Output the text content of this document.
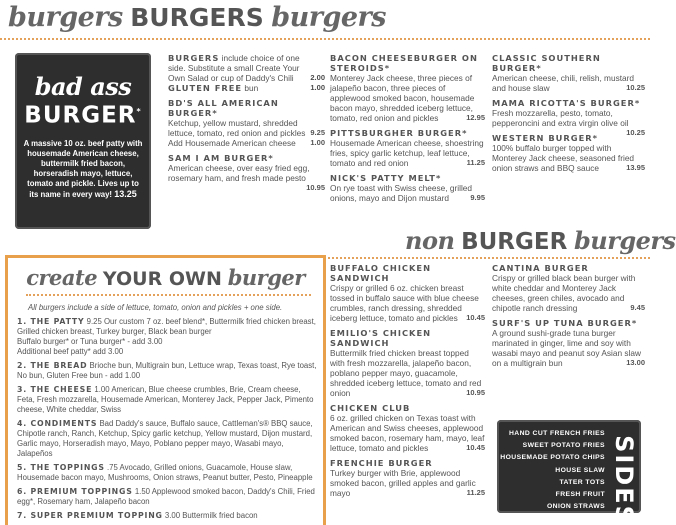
burgers BURGERS burgers
bad ass
BURGER*
A massive 10 oz. beef patty with housemade American cheese, buttermilk fried bacon, horseradish mayo, lettuce, tomato and pickle. Lives up to its name in every way! 13.25
BURGERS
2.00
include choice of one side. Substitute a small Create Your Own Salad or cup of Daddy's Chili

1.00
GLUTEN FREE bun
BD'S ALL AMERICAN BURGER*
Ketchup, yellow mustard, shredded lettuce, tomato, red onion and pickles 9.25
Add Housemade American cheese 1.00
SAM I AM BURGER*
American cheese, over easy fried egg, rosemary ham, and fresh made pesto
10.95
BACON CHEESEBURGER ON STEROIDS*
Monterey Jack cheese, three pieces of jalapeño bacon, three pieces of applewood smoked bacon, housemade bacon mayo, shredded iceberg lettuce, tomato, red onion and pickles	12.95
PITTSBURGHER BURGER*
Housemade American cheese, shoestring fries, spicy garlic ketchup, leaf lettuce, tomato and red onion	11.25
NICK'S PATTY MELT*
On rye toast with Swiss cheese, grilled onions, mayo and Dijon mustard	9.95
CLASSIC SOUTHERN BURGER*
American cheese, chili, relish, mustard and house slaw	10.25
MAMA RICOTTA'S BURGER*
Fresh mozzarella, pesto, tomato, pepperoncini and extra virgin olive oil
10.25
WESTERN BURGER*
100% buffalo burger topped with Monterey Jack cheese, seasoned fried onion straws and BBQ sauce	13.95
non BURGER burgers
create YOUR OWN burger
All burgers include a side of lettuce, tomato, onion and pickles + one side.
1. THE PATTY 9.25 Our custom 7 oz. beef blend*, Buttermilk fried chicken breast, Grilled chicken breast, Turkey burger, Black bean burger
Buffalo burger* or Tuna burger* - add 3.00
Additional beef patty* add 3.00
2. THE BREAD Brioche bun, Multigrain bun, Lettuce wrap, Texas toast, Rye toast, No bun, Gluten Free bun - add 1.00
3. THE CHEESE 1.00 American, Blue cheese crumbles, Brie, Cream cheese, Feta, Fresh mozzarella, Housemade American, Monterey Jack, Pepper Jack, Pimento cheese, White cheddar, Swiss
4. CONDIMENTS Bad Daddy's sauce, Buffalo sauce, Cattleman's® BBQ sauce, Chipotle ranch, Ranch, Ketchup, Spicy garlic ketchup, Yellow mustard, Dijon mustard, Garlic mayo, Horseradish mayo, Mayo, Poblano pepper mayo, Wasabi mayo, Jalapeños
5. THE TOPPINGS .75 Avocado, Grilled onions, Guacamole, House slaw, Housemade bacon mayo, Mushrooms, Onion straws, Peanut butter, Pesto, Pineapple
6. PREMIUM TOPPINGS 1.50 Applewood smoked bacon, Daddy's Chili, Fried egg*, Rosemary ham, Jalapeño bacon
7. SUPER PREMIUM TOPPING 3.00 Buttermilk fried bacon
BUFFALO CHICKEN SANDWICH
Crispy or grilled 6 oz. chicken breast tossed in buffalo sauce with blue cheese crumbles, ranch dressing, shredded iceberg lettuce, tomato and pickles 10.45
EMILIO'S CHICKEN SANDWICH
Buttermilk fried chicken breast topped with fresh mozzarella, jalapeño bacon, poblano pepper mayo, guacamole, shredded iceberg lettuce, tomato and red onion	10.95
CHICKEN CLUB
6 oz. grilled chicken on Texas toast with American and Swiss cheeses, applewood smoked bacon, rosemary ham, mayo, leaf lettuce, tomato and pickles	10.45
FRENCHIE BURGER
Turkey burger with Brie, applewood smoked bacon, grilled apples and garlic mayo	11.25
CANTINA BURGER
Crispy or grilled black bean burger with white cheddar and Monterey Jack cheeses, green chiles, avocado and chipotle ranch dressing	9.45
SURF'S UP TUNA BURGER*
A ground sushi-grade tuna burger marinated in ginger, lime and soy with wasabi mayo and peanut soy Asian slaw on a multigrain bun	13.00
HAND CUT FRENCH FRIES
SWEET POTATO FRIES
HOUSEMADE POTATO CHIPS
HOUSE SLAW
TATER TOTS
FRESH FRUIT
ONION STRAWS SIDES
